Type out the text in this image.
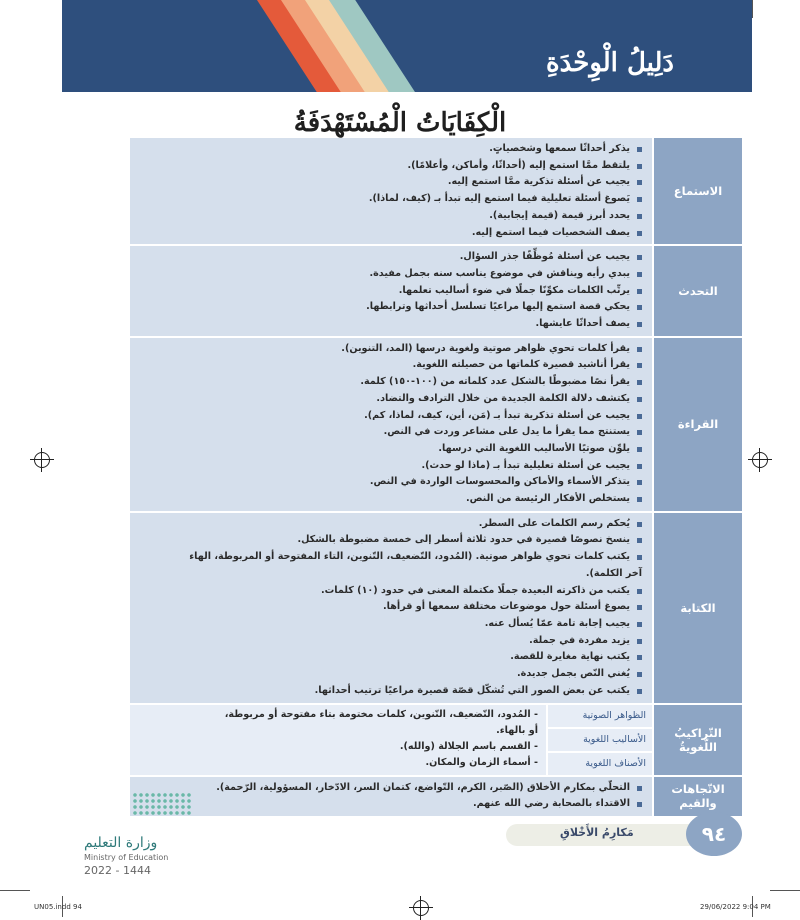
دَلِيلُ الْوِحْدَةِ
الْكِفَايَاتُ الْمُسْتَهْدَفَةُ
الاستماع
يذكر أحداثًا سمعها وشخصياتٍ.
يلتقط ممَّا استمع إليه (أحداثًا، وأماكن، وأعلامًا).
يجيب عن أسئلة تذكرية ممَّا استمع إليه.
يَصوغ أسئلة تعليلية فيما استمع إليه تبدأ بـ (كيف، لماذا).
يحدد أبرز قيمة (قيمة إيجابية).
يصف الشخصيات فيما استمع إليه.
التحدث
يجيب عن أسئلة مُوظِّفًا جذر السؤال.
يبدي رأيه ويناقش في موضوع يناسب سنه بجمل مفيدة.
يرتِّب الكلمات مكوِّنًا جملًا في ضوء أساليب تعلمها.
يحكي قصة استمع إليها مراعيًا تسلسل أحداثها وترابطها.
يصف أحداثًا عايشها.
القراءة
يقرأ كلمات تحوي ظواهر صوتية ولغوية درسها (المد، التنوين).
يقرأ أناشيد قصيرة كلماتها من حصيلته اللغوية.
يقرأ نصًا مضبوطًا بالشكل عدد كلماته من (١٠٠-١٥٠) كلمة.
يكتشف دلالة الكلمة الجديدة من خلال الترادف والتضاد.
يجيب عن أسئلة تذكرية تبدأ بـ (مَن، أين، كيف، لماذا، كم).
يستنتج مما يقرأ ما يدل على مشاعر وردت في النص.
يلوِّن صوتيًا الأساليب اللغوية التي درسها.
يجيب عن أسئلة تعليلية تبدأ بـ (ماذا لو حدث).
يتذكر الأسماء والأماكن والمحسوسات الواردة في النص.
يستخلص الأفكار الرئيسة من النص.
الكتابة
يُحكم رسم الكلمات على السطر.
ينسخ نصوصًا قصيرة في حدود ثلاثة أسطر إلى خمسة مضبوطة بالشكل.
يكتب كلمات تحوي ظواهر صوتية. (المُدود، التّضعيف، التّنوين، التاء المفتوحة أو المربوطة، الهاء
آخر الكلمة).
يكتب من ذاكرته البعيدة جملًا مكتملة المعنى في حدود (١٠) كلمات.
يصوغ أسئلة حول موضوعات مختلفة سمعها أو قرأها.
يجيب إجابة تامة عمّا يُسأل عنه.
يزيد مفردة في جملة.
يكتب نهاية مغايرة للقصة.
يُغني النّص بجمل جديدة.
يكتب عن بعض الصور التي تُشكّل قصّة قصيرة مراعيًا ترتيب أحداثها.
التّراكيبُ اللّغويةُ
الظواهر الصوتية
الأساليب اللغوية
الأصناف اللغوية
- المُدود، التّضعيف، التّنوين، كلمات مختومة بتاء مفتوحة أو مربوطة،
أو بالهاء.
- القسم باسم الجلالة (والله).
- أسماء الزمان والمكان.
الاتّجاهات والقيم
التحلّي بمكارم الأخلاق (الصّبر، الكرم، التّواضع، كتمان السر، الادّخار، المسؤولية، الرّحمة).
الاقتداء بالصحابة رضي الله عنهم.
وزارة التعليم
Ministry of Education
2022 - 1444
مَكارِمُ الأَخْلاقِ	٩٤
UN05.indd 94	29/06/2022 9:04 PM
